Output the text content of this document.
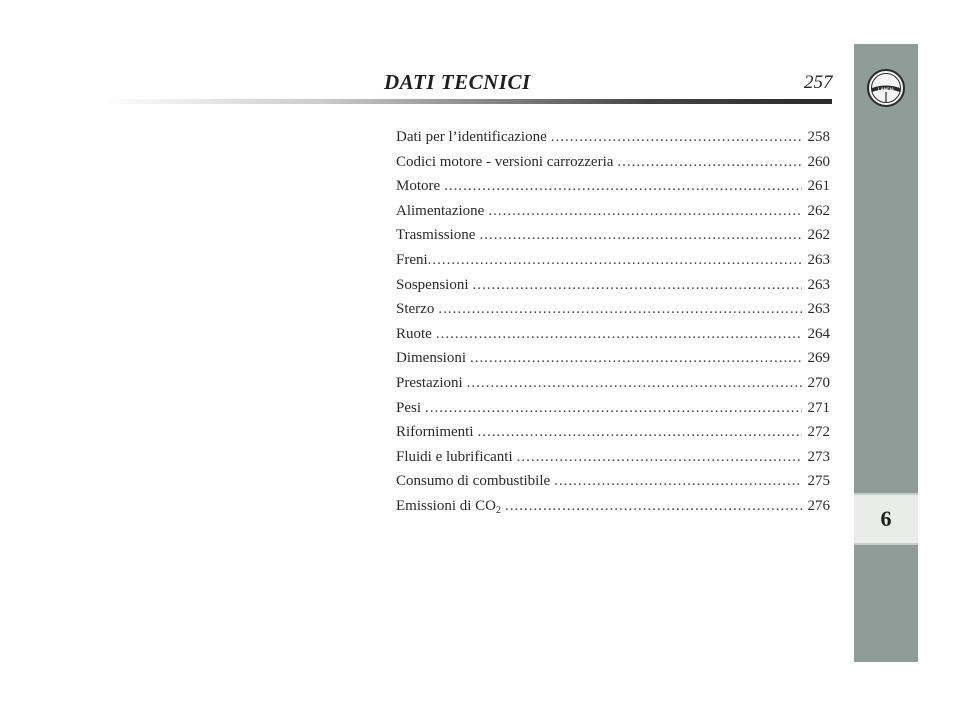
DATI TECNICI	257
Dati per l’identificazione .....	258
Codici motore - versioni carrozzeria .....	260
Motore .....	261
Alimentazione .....	262
Trasmissione .....	262
Freni .....	263
Sospensioni .....	263
Sterzo .....	263
Ruote .....	264
Dimensioni .....	269
Prestazioni .....	270
Pesi .....	271
Rifornimenti .....	272
Fluidi e lubrificanti .....	273
Consumo di combustibile .....	275
Emissioni di $CO_2$ .....	276
LANCIA
6
